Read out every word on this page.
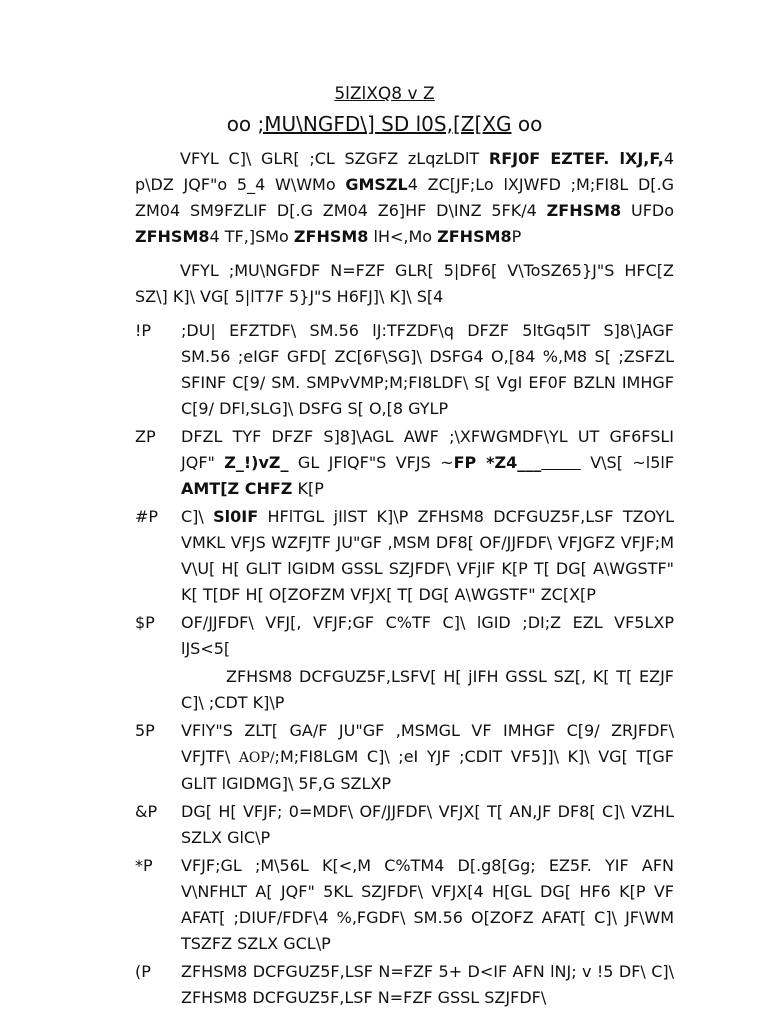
5lZlXQ8 v Z
oo ;MU\NGFD\] SD l0S,[Z[XG oo

VFYL C]\ GLR[ ;CL SZGFZ zLqzLDlT RFJ0F EZTEF. lXJ,F,4 p\DZ JQF"o 5_4 W\WMo GMSZL4 ZC[JF;Lo lXJWFD ;M;FI8L D[.G ZM04 SM9FZLIF D[.G ZM04 Z6]HF D\INZ 5FK/4 ZFHSM8 UFDo ZFHSM84 TF,]SMo ZFHSM8 lH<,Mo ZFHSM8P

VFYL ;MU\NGFDF N=FZF GLR[ 5|DF6[ V\ToSZ65}J"S HFC[Z SZ\] K]\ VG[ 5|lT7F 5}J"S H6FJ]\ K]\ S[4

!P	;DU| EFZTDF\ SM.56 lJ:TFZDF\q DFZF 5ltGq5lT S]8\]AGF SM.56 ;eIGF GFD[ ZC[6F\SG]\ DSFG4 O,[84 %,M8 S[ ;ZSFZL SFINF C[9/ SM. SMPvVMP;M;FI8LDF\ S[ VgI EF0F BZLN IMHGF C[9/ DFl,SLG]\ DSFG S[ O,[8 GYLP
ZP	DFZL TYF DFZF S]8]\AGL AWF ;\XFWGMDF\YL UT GF6FSLI JQF" Z_!)vZ_ GL JFlQF"S VFJS ~FP *Z4___     V\S[ ~l5lF AMT[Z CHFZ K[P
#P	C]\ Sl0IF HFlTGL jIlST K]\P ZFHSM8 DCFGUZ5F,LSF TZOYL VMKL VFJS WZFJTF JU"GF ,MSM DF8[ OF/JJFDF\ VFJGFZ VFJF;M V\U[ H[ GLlT lGIDM GSSL SZJFDF\ VFjIF K[P T[ DG[ A\WGSTF" K[ T[DF H[ O[ZOFZM VFJX[ T[ DG[ A\WGSTF" ZC[X[P
$P	OF/JJFDF\ VFJ[, VFJF;GF C%TF C]\ lGID ;DI;Z EZL VF5LXP lJS<5[
ZFHSM8 DCFGUZ5F,LSFV[ H[ jIFH GSSL SZ[, K[ T[ EZJF C]\ ;CDT K]\P
5P	VFlY"S ZLT[ GA/F JU"GF ,MSMGL VF IMHGF C[9/ ZRJFDF\ VFJTF\ AOP/;M;FI8LGM C]\ ;eI YJF ;CDlT VF5]]\ K]\ VG[ T[GF GLlT lGIDMG]\ 5F,G SZLXP
&P	DG[ H[ VFJF; 0=MDF\ OF/JJFDF\ VFJX[ T[ AN,JF DF8[ C]\ VZHL SZLX GlC\P
*P	VFJF;GL ;M\56L K[<,M C%TM4 D[.g8[Gg; EZ5F. YIF AFN V\NFHLT A[ JQF" 5KL SZJFDF\ VFJX[4 H[GL DG[ HF6 K[P VF AFAT[ ;DIUF/FDF\4 %,FGDF\ SM.56 O[ZOFZ AFAT[ C]\ JF\WM TSZFZ SZLX GCL\P
(P	ZFHSM8 DCFGUZ5F,LSF N=FZF 5+ D<IF AFN lNJ; v !5 DF\ C]\ ZFHSM8 DCFGUZ5F,LSF N=FZF GSSL SZJFDF\
